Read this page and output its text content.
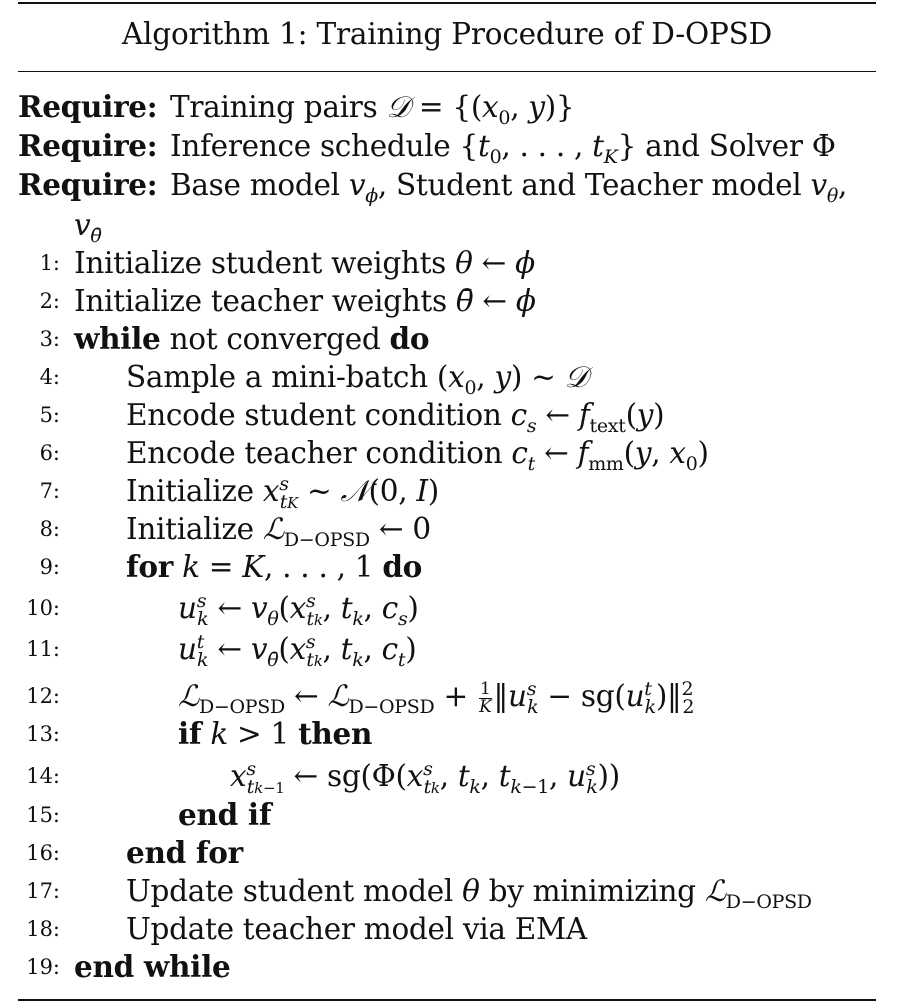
Algorithm 1: Training Procedure of D-OPSD
Require: Training pairs 𝒟 = {($x_0$, y)}
Require: Inference schedule {$t_0$, . . . , $t_K$} and Solver Φ
Require: Base model $v_\phi$, Student and Teacher model $v_\theta$,
$v_{\thetā}$
1: Initialize student weights θ ← ϕ
2: Initialize teacher weights θ̄ ← ϕ
3: while not converged do
4: Sample a mini-batch ($x_0$, y) ∼ 𝒟
5: Encode student condition $c_s$ ← $f_{text}(y)$
6: Encode teacher condition $c_t$ ← $f_{mm}(y$, $x_0$)
7: Initialize $x^s_{tK}$ ∼ 𝒩(0, I)
8: Initialize ℒ$_{D-OPSD}$ ← 0
9: for k = K, . . . , 1 do
10:	$u^s_k$ ← $v_\theta(x^s_{tk}$, $t_k$, $c_s$)
11:	$u^t_k$ ← $v_{\thetā}(x^s_{tk}$, $t_k$, $c_t$)
12:	ℒ$_{D-OPSD}$ ← ℒ$_{D-OPSD}$ + $\frac{1}{K}$ $‖u^s_k$ − $sg(u^t_k)‖^2_2$
13:	if k > 1 then
14:	$x^s_{tk-1}$ ← $sg(\Phi(x^s_{tk}$, $t_k$, $t_{k-1}$, $u^s_k$))
15:	end if
16: end for
17: Update student model θ by minimizing ℒ$_{D-OPSD}$
18: Update teacher model via EMA
19: end while
